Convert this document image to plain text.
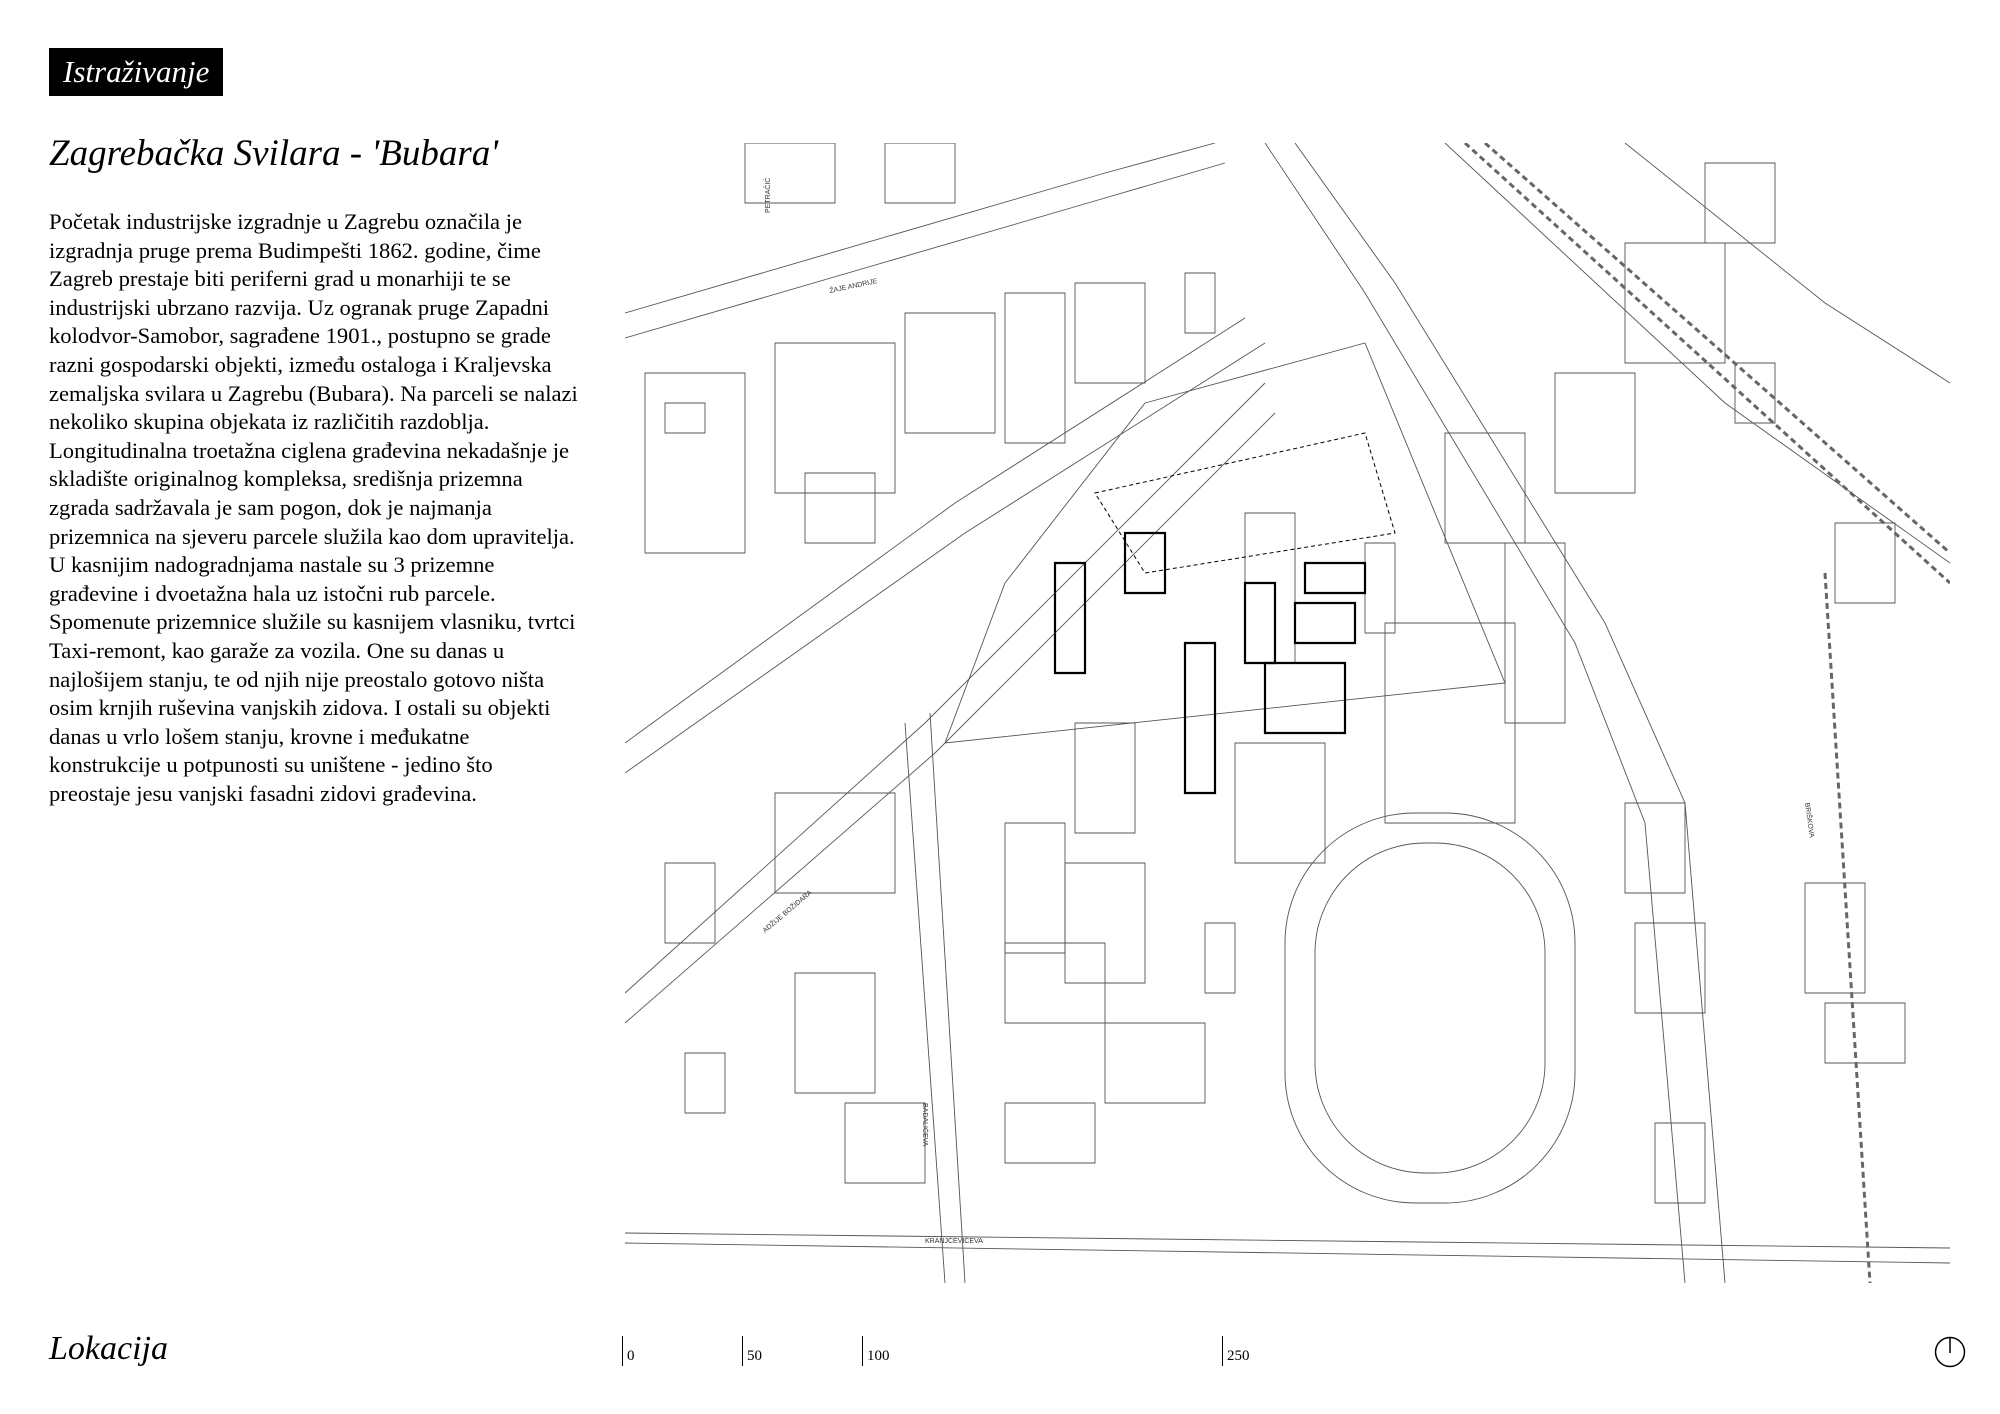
Istraživanje
Zagrebačka Svilara - 'Bubara'
Početak industrijske izgradnje u Zagrebu označila je izgradnja pruge prema Budimpešti 1862. godine, čime Zagreb prestaje biti periferni grad u monarhiji te se industrijski ubrzano razvija. Uz ogranak pruge Zapadni kolodvor-Samobor, sagrađene 1901., postupno se grade razni gospodarski objekti, između ostaloga i Kraljevska zemaljska svilara u Zagrebu (Bubara). Na parceli se nalazi nekoliko skupina objekata iz različitih razdoblja. Longitudinalna troetažna ciglena građevina nekadašnje je skladište originalnog kompleksa, središnja prizemna zgrada sadržavala je sam pogon, dok je najmanja prizemnica na sjeveru parcele služila kao dom upravitelja. U kasnijim nadogradnjama nastale su 3 prizemne građevine i dvoetažna hala uz istočni rub parcele. Spomenute prizemnice služile su kasnijem vlasniku, tvrtci Taxi-remont, kao garaže za vozila. One su danas u najlošijem stanju, te od njih nije preostalo gotovo ništa osim krnjih ruševina vanjskih zidova. I ostali su objekti danas u vrlo lošem stanju, krovne i međukatne konstrukcije u potpunosti su uništene - jedino što preostaje jesu vanjski fasadni zidovi građevina.
ŽAJE ANDRIJE
ADŽIJE BOŽIDARA
BADALIĆEVA
KRANJČEVIĆEVA
BRIŠKOVA
PETRAČIĆ
Lokacija	0	50	100	250
